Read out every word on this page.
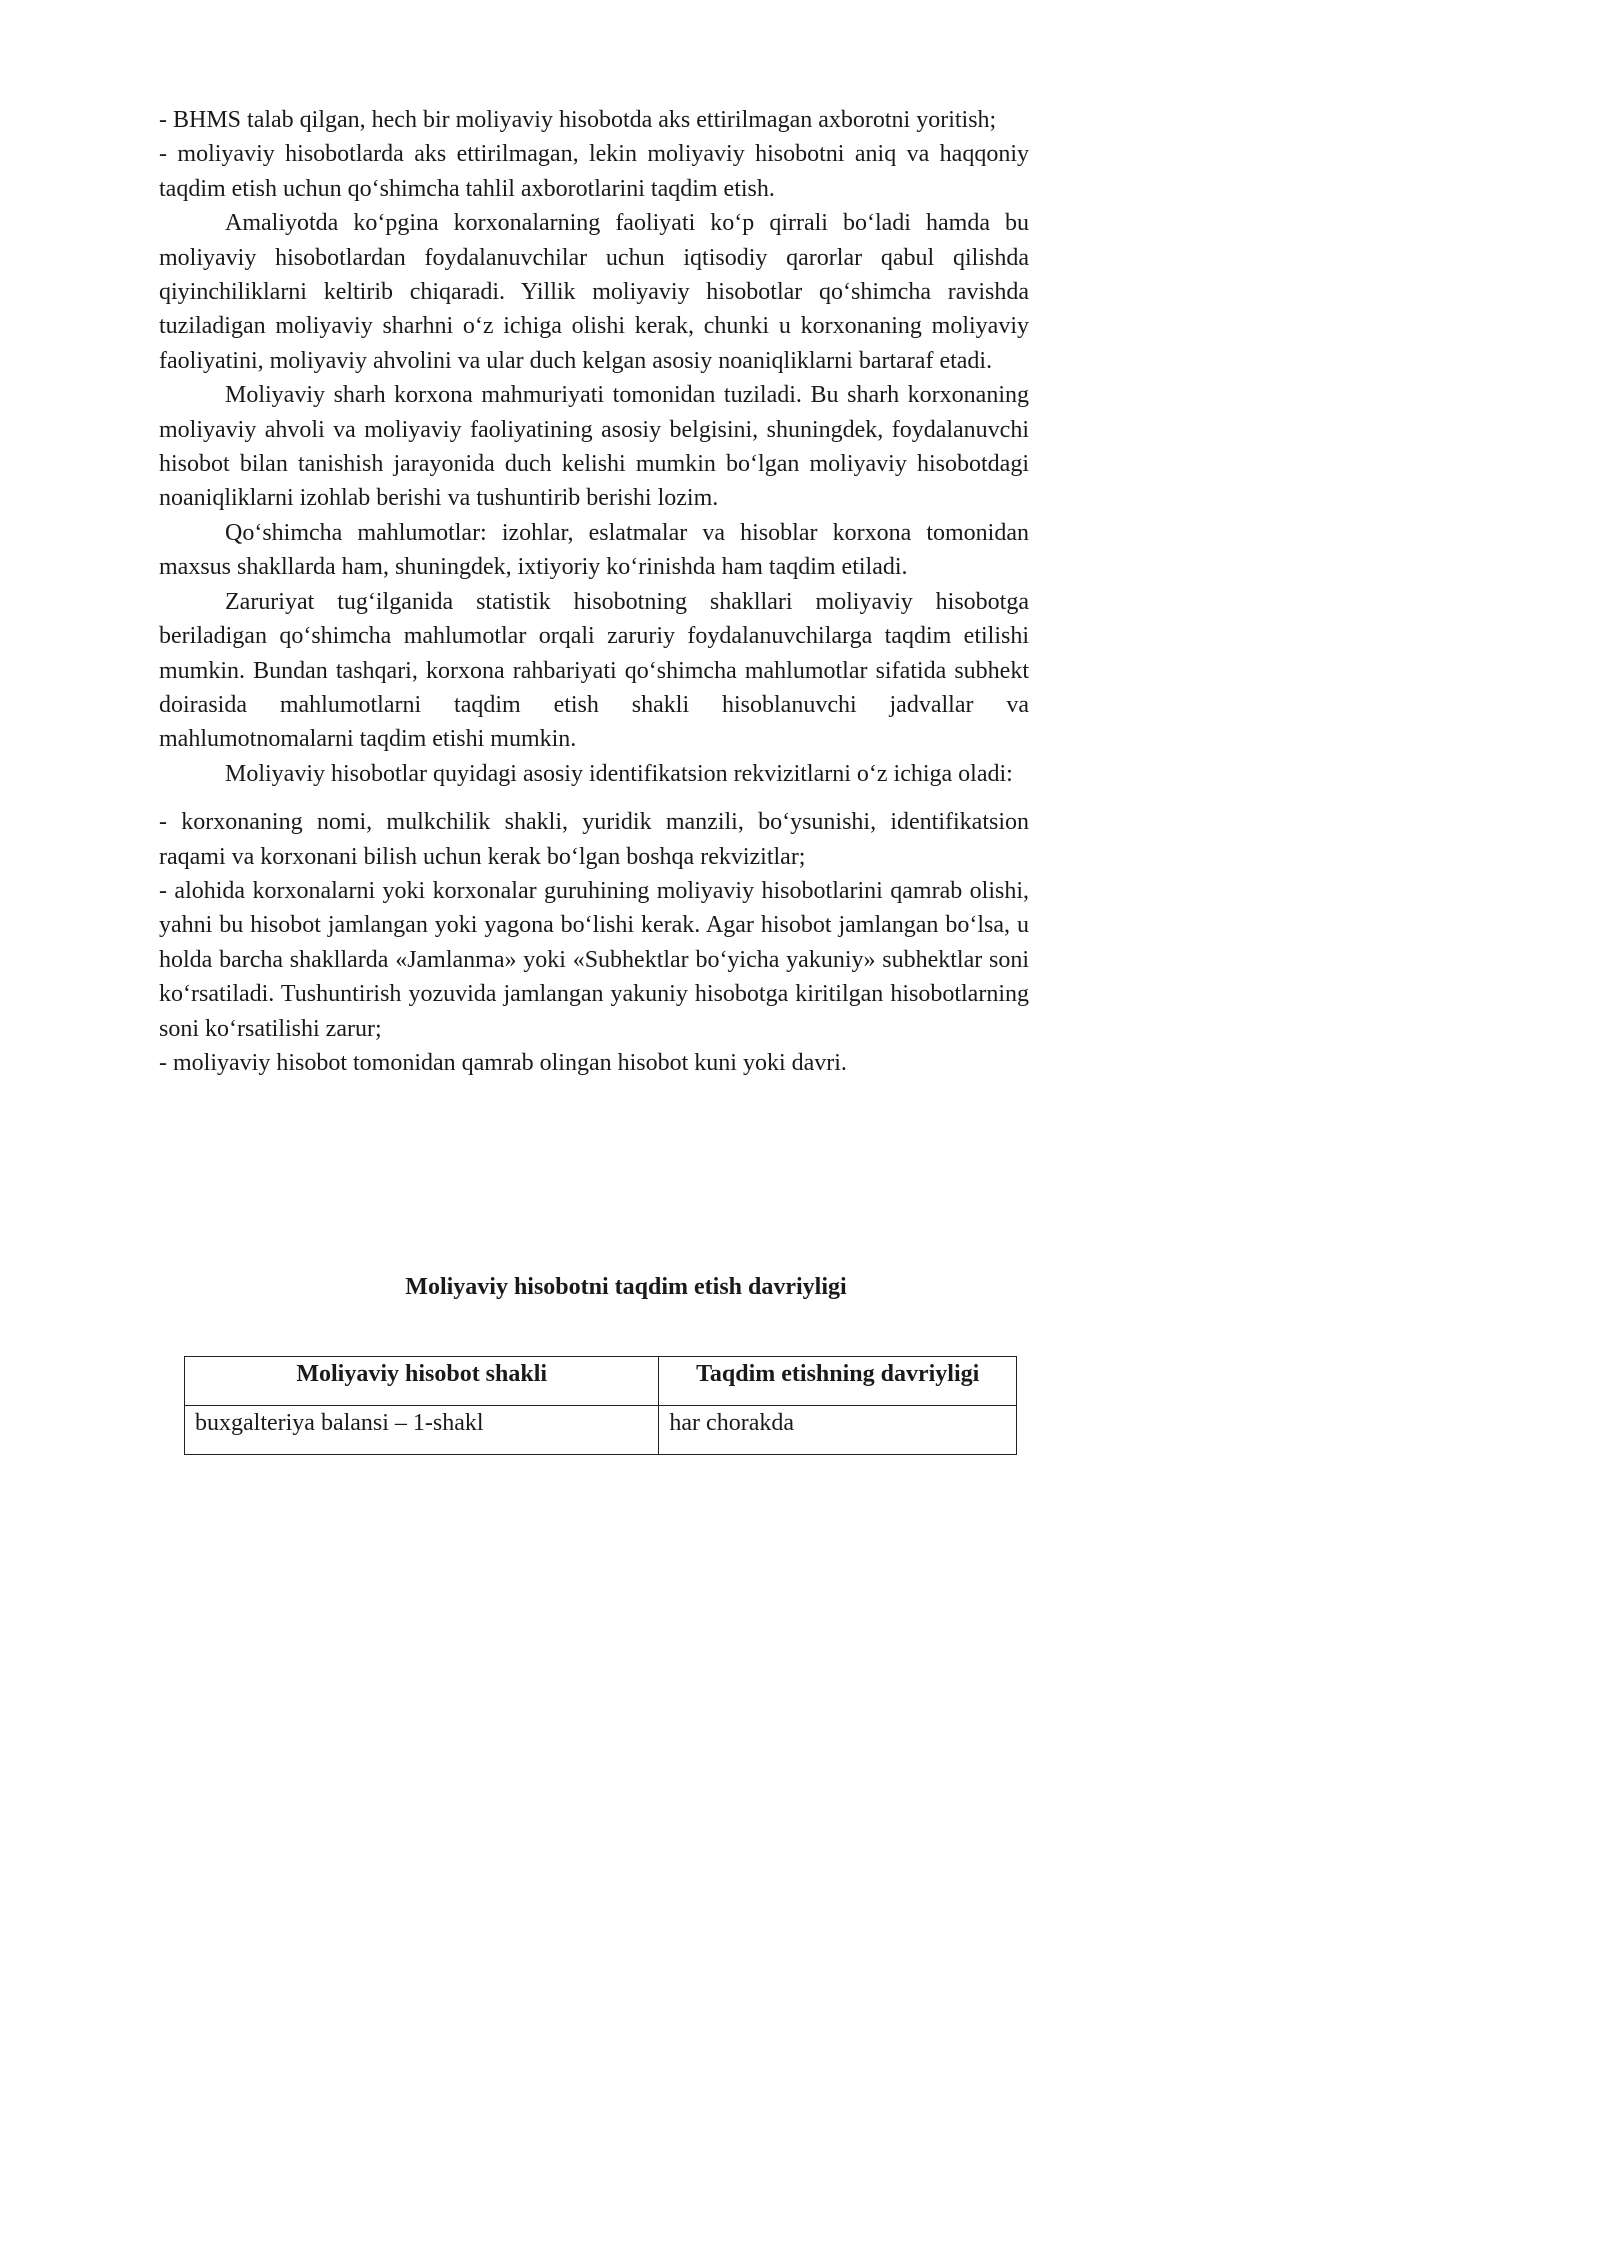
- BHMS talab qilgan, hech bir moliyaviy hisobotda aks ettirilmagan axborotni yoritish;

- moliyaviy hisobotlarda aks ettirilmagan, lekin moliyaviy hisobotni aniq va haqqoniy taqdim etish uchun qoʻshimcha tahlil axborotlarini taqdim etish.

Amaliyotda koʻpgina korxonalarning faoliyati koʻp qirrali boʻladi hamda bu moliyaviy hisobotlardan foydalanuvchilar uchun iqtisodiy qarorlar qabul qilishda qiyinchiliklarni keltirib chiqaradi. Yillik moliyaviy hisobotlar qoʻshimcha ravishda tuziladigan moliyaviy sharhni oʻz ichiga olishi kerak, chunki u korxonaning moliyaviy faoliyatini, moliyaviy ahvolini va ular duch kelgan asosiy noaniqliklarni bartaraf etadi.

Moliyaviy sharh korxona mahmuriyati tomonidan tuziladi. Bu sharh korxonaning moliyaviy ahvoli va moliyaviy faoliyatining asosiy belgisini, shuningdek, foydalanuvchi hisobot bilan tanishish jarayonida duch kelishi mumkin boʻlgan moliyaviy hisobotdagi noaniqliklarni izohlab berishi va tushuntirib berishi lozim.

Qoʻshimcha mahlumotlar: izohlar, eslatmalar va hisoblar korxona tomonidan maxsus shakllarda ham, shuningdek, ixtiyoriy koʻrinishda ham taqdim etiladi.

Zaruriyat tugʻilganida statistik hisobotning shakllari moliyaviy hisobotga beriladigan qoʻshimcha mahlumotlar orqali zaruriy foydalanuvchilarga taqdim etilishi mumkin. Bundan tashqari, korxona rahbariyati qoʻshimcha mahlumotlar sifatida subhekt doirasida mahlumotlarni taqdim etish shakli hisoblanuvchi jadvallar va mahlumotnomalarni taqdim etishi mumkin.

Moliyaviy hisobotlar quyidagi asosiy identifikatsion rekvizitlarni oʻz ichiga oladi:

- korxonaning nomi, mulkchilik shakli, yuridik manzili, boʻysunishi, identifikatsion raqami va korxonani bilish uchun kerak boʻlgan boshqa rekvizitlar;

- alohida korxonalarni yoki korxonalar guruhining moliyaviy hisobotlarini qamrab olishi, yahni bu hisobot jamlangan yoki yagona boʻlishi kerak. Agar hisobot jamlangan boʻlsa, u holda barcha shakllarda «Jamlanma» yoki «Subhektlar boʻyicha yakuniy» subhektlar soni koʻrsatiladi. Tushuntirish yozuvida jamlangan yakuniy hisobotga kiritilgan hisobotlarning soni koʻrsatilishi zarur;

- moliyaviy hisobot tomonidan qamrab olingan hisobot kuni yoki davri.

Moliyaviy hisobotni taqdim etish davriyligi
Moliyaviy hisobot shakli	Taqdim etishning davriyligi
buxgalteriya balansi – 1-shakl	har chorakda
